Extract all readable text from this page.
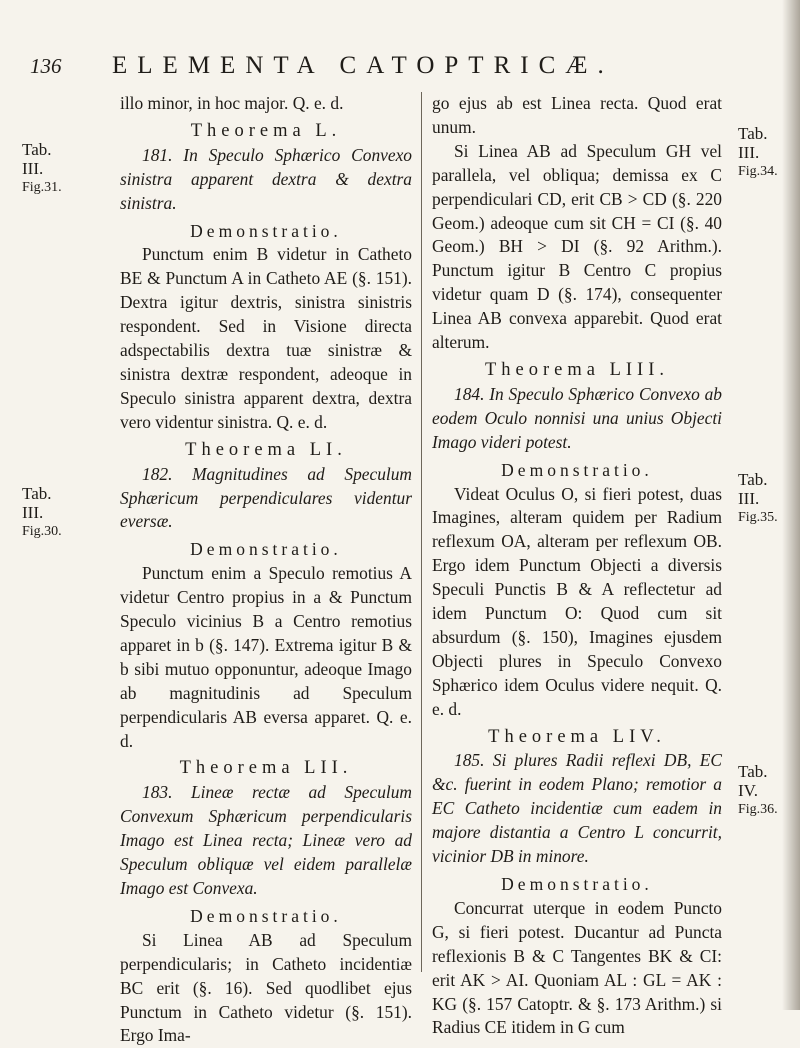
136 ELEMENTA CATOPTRICÆ.

illo minor, in hoc major. Q. e. d.

Theorema L.

181. In Speculo Sphærico Convexo sinistra apparent dextra & dextra sinistra.

Demonstratio.

Punctum enim B videtur in Catheto BE & Punctum A in Catheto AE (§. 151). Dextra igitur dextris, sinistra sinistris respondent. Sed in Visione directa adspectabilis dextra tuæ sinistræ & sinistra dextræ respondent, adeoque in Speculo sinistra apparent dextra, dextra vero videntur sinistra. Q. e. d.

Theorema LI.

182. Magnitudines ad Speculum Sphæricum perpendiculares videntur eversæ.

Demonstratio.

Punctum enim a Speculo remotius A videtur Centro propius in a & Punctum Speculo vicinius B a Centro remotius apparet in b (§. 147). Extrema igitur B & b sibi mutuo opponuntur, adeoque Imago ab magnitudinis ad Speculum perpendicularis AB eversa apparet. Q. e. d.

Theorema LII.

183. Lineæ rectæ ad Speculum Convexum Sphæricum perpendicularis Imago est Linea recta; Lineæ vero ad Speculum obliquæ vel eidem parallelæ Imago est Convexa.

Demonstratio.

Si Linea AB ad Speculum perpendicularis; in Catheto incidentiæ BC erit (§. 16). Sed quodlibet ejus Punctum in Catheto videtur (§. 151). Ergo Ima-

go ejus ab est Linea recta. Quod erat unum.

Si Linea AB ad Speculum GH vel parallela, vel obliqua; demissa ex C perpendiculari CD, erit CB > CD (§. 220 Geom.) adeoque cum sit CH = CI (§. 40 Geom.) BH > DI (§. 92 Arithm.). Punctum igitur B Centro C propius videtur quam D (§. 174), consequenter Linea AB convexa apparebit. Quod erat alterum.

Theorema LIII.

184. In Speculo Sphærico Convexo ab eodem Oculo nonnisi una unius Objecti Imago videri potest.

Demonstratio.

Videat Oculus O, si fieri potest, duas Imagines, alteram quidem per Radium reflexum OA, alteram per reflexum OB. Ergo idem Punctum Objecti a diversis Speculi Punctis B & A reflectetur ad idem Punctum O: Quod cum sit absurdum (§. 150), Imagines ejusdem Objecti plures in Speculo Convexo Sphærico idem Oculus videre nequit. Q. e. d.

Theorema LIV.

185. Si plures Radii reflexi DB, EC &c. fuerint in eodem Plano; remotior a EC Catheto incidentiæ cum eadem in majore distantia a Centro L concurrit, vicinior DB in minore.

Demonstratio.

Concurrat uterque in eodem Puncto G, si fieri potest. Ducantur ad Puncta reflexionis B & C Tangentes BK & CI: erit AK > AI. Quoniam AL : GL = AK : KG (§. 157 Catoptr. & §. 173 Arithm.) si Radius CE itidem in G cum

Tab.
III.
Fig.31.
Tab.
III.
Fig.30.
Tab.
III.
Fig.34.
Tab.
III.
Fig.35.
Tab.
IV.
Fig.36.
